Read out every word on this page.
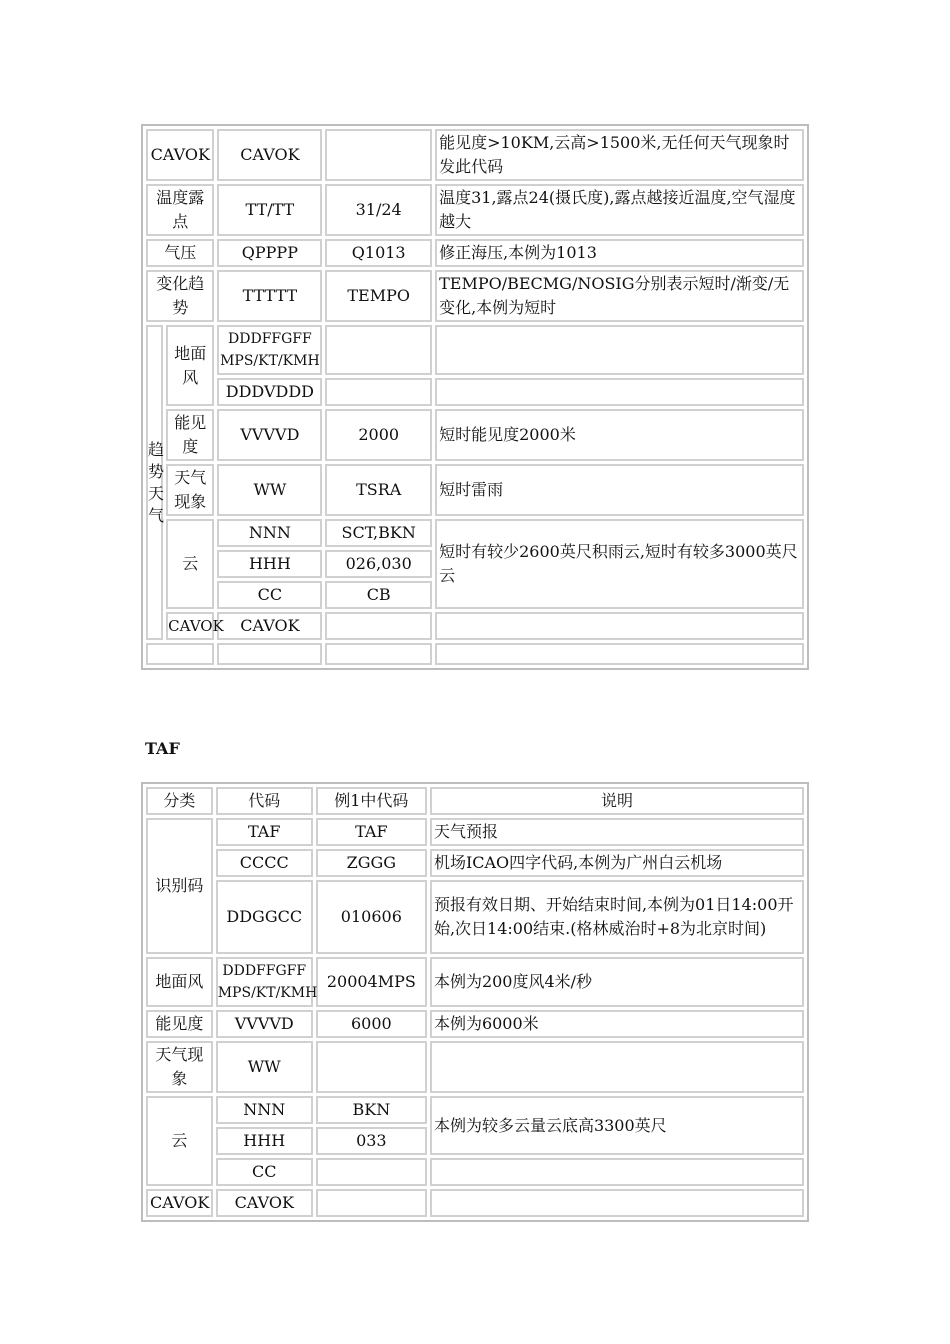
CAVOK		CAVOK		能见度>10KM,云高>1500米,无任何天气现象时发此代码
温度露点		TT/TT	31/24	温度31,露点24(摄氏度),露点越接近温度,空气湿度越大
气压		QPPPP	Q1013	修正海压,本例为1013
变化趋势		TTTTT	TEMPO	TEMPO/BECMG/NOSIG分别表示短时/渐变/无变化,本例为短时
趋势天气	地面风	DDDFFGFF MPS/KT/KMH		
		DDDVDDD		
	能见度	VVVVD	2000	短时能见度2000米
	天气现象	WW	TSRA	短时雷雨
	云	NNN	SCT,BKN	短时有较少2600英尺积雨云,短时有较多3000英尺云
		HHH	026,030	
		CC	CB	
	CAVOK	CAVOK		

TAF
分类	代码	例1中代码	说明
识别码	TAF	TAF	天气预报
	CCCC	ZGGG	机场ICAO四字代码,本例为广州白云机场
	DDGGCC	010606	预报有效日期、开始结束时间,本例为01日14:00开始,次日14:00结束.(格林威治时+8为北京时间)
地面风	DDDFFGFF MPS/KT/KMH	20004MPS	本例为200度风4米/秒
能见度	VVVVD	6000	本例为6000米
天气现象	WW		
云	NNN	BKN	本例为较多云量云底高3300英尺
	HHH	033	
	CC		
CAVOK	CAVOK		
